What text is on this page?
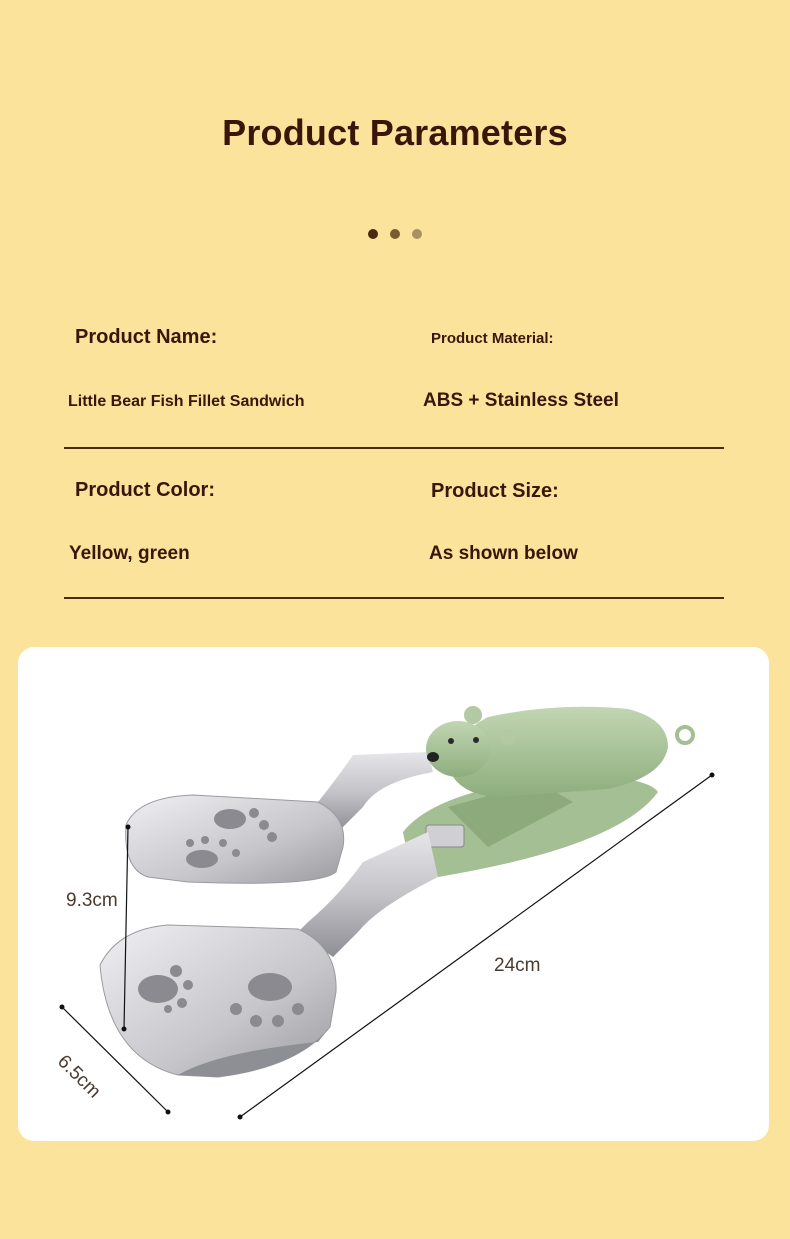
Product Parameters
Product Name:	Product Material:
Little Bear Fish Fillet Sandwich	ABS + Stainless Steel
Product Color:	Product Size:
Yellow, green	As shown below
9.3cm
24cm
6.5cm
